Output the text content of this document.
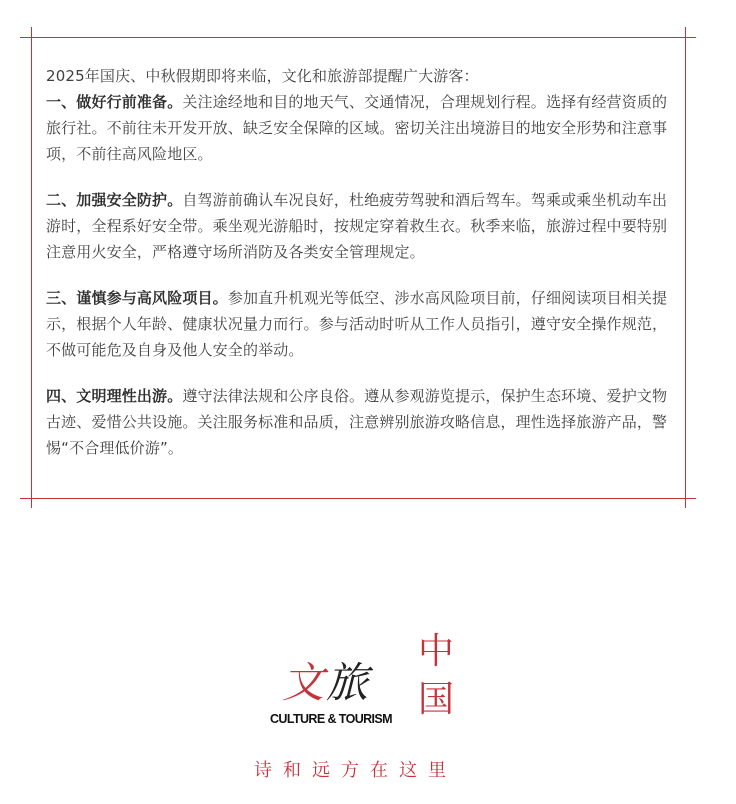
2025年国庆、中秋假期即将来临，文化和旅游部提醒广大游客：
一、做好行前准备。关注途经地和目的地天气、交通情况，合理规划行程。选择有经营资质的旅行社。不前往未开发开放、缺乏安全保障的区域。密切关注出境游目的地安全形势和注意事项，不前往高风险地区。

二、加强安全防护。自驾游前确认车况良好，杜绝疲劳驾驶和酒后驾车。驾乘或乘坐机动车出游时，全程系好安全带。乘坐观光游船时，按规定穿着救生衣。秋季来临，旅游过程中要特别注意用火安全，严格遵守场所消防及各类安全管理规定。

三、谨慎参与高风险项目。参加直升机观光等低空、涉水高风险项目前，仔细阅读项目相关提示，根据个人年龄、健康状况量力而行。参与活动时听从工作人员指引，遵守安全操作规范，不做可能危及自身及他人安全的举动。

四、文明理性出游。遵守法律法规和公序良俗。遵从参观游览提示，保护生态环境、爱护文物古迹、爱惜公共设施。关注服务标准和品质，注意辨别旅游攻略信息，理性选择旅游产品，警惕“不合理低价游”。

文旅
中
国
CULTURE & TOURISM
诗和远方在这里
